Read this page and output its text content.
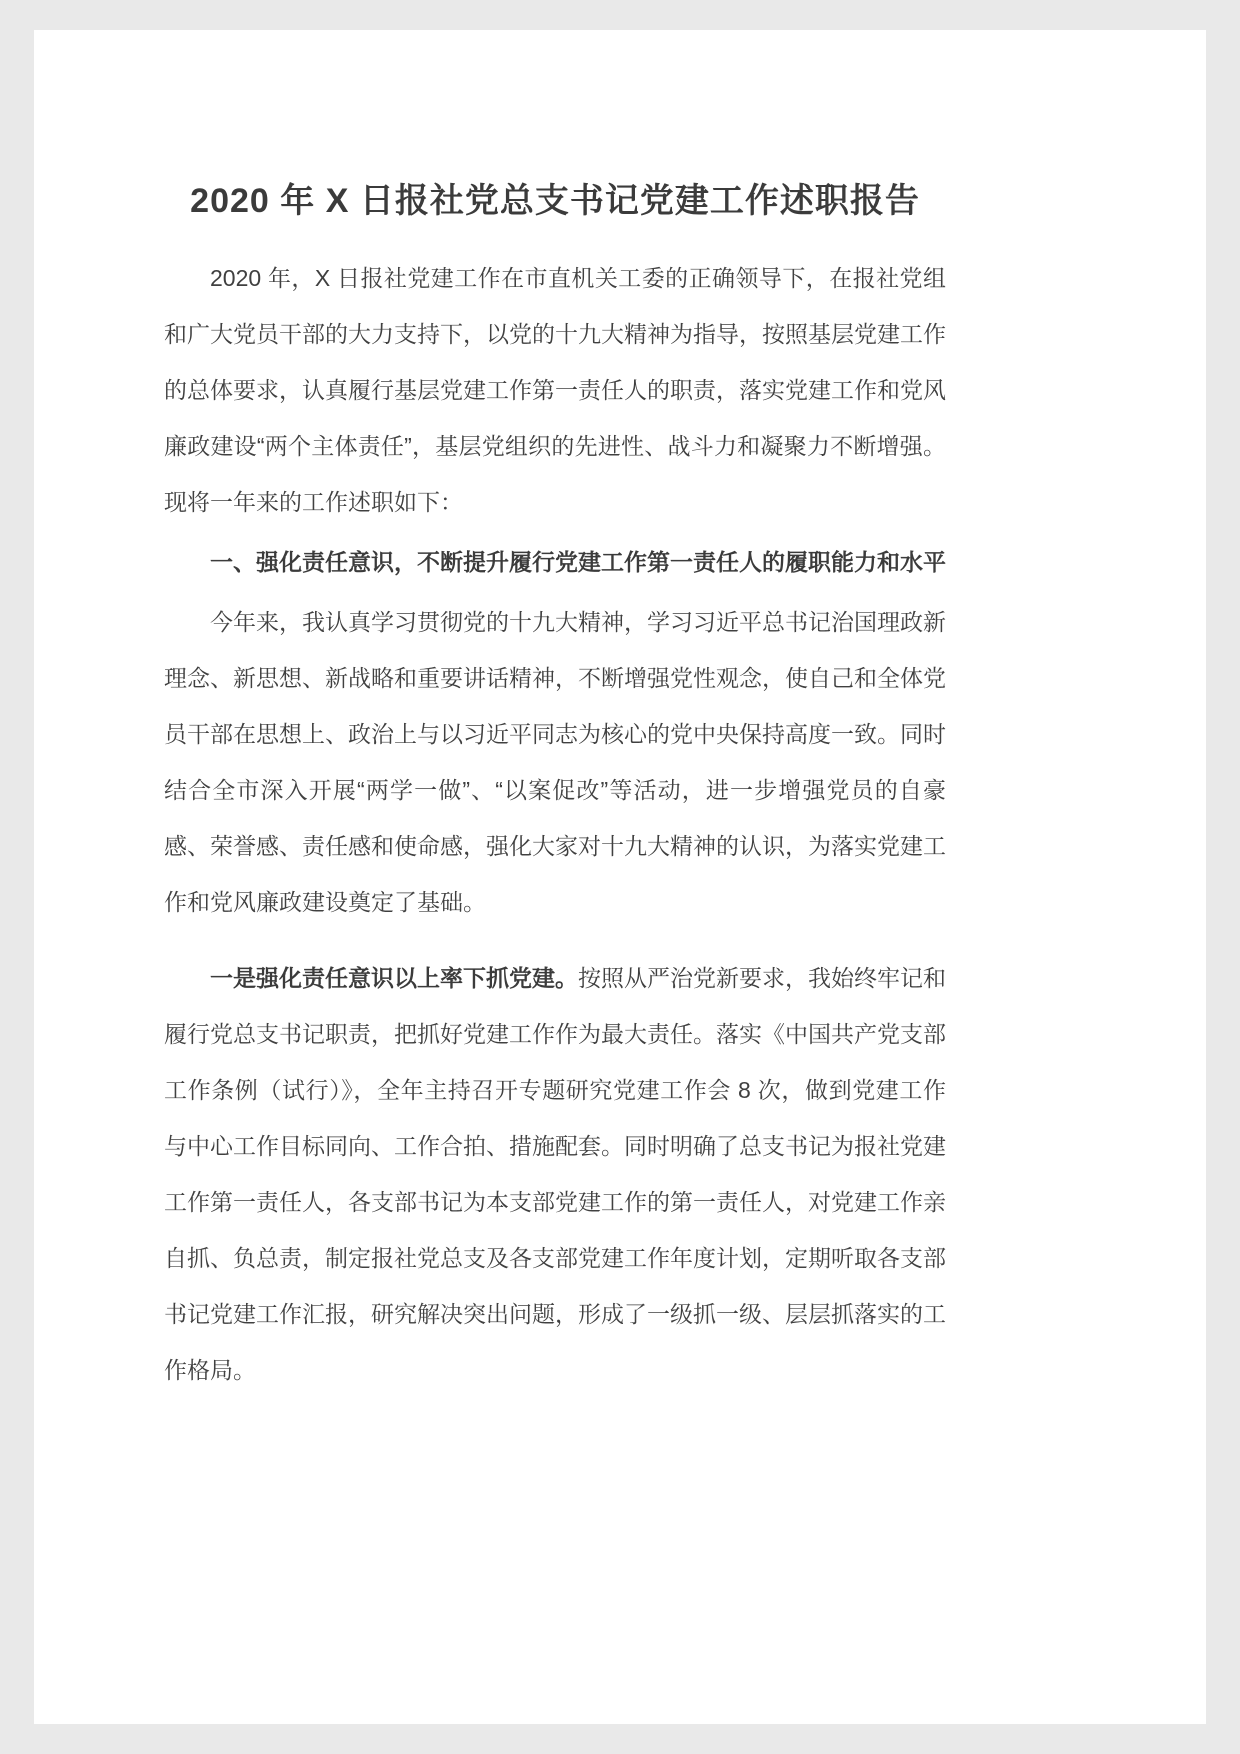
2020 年 X 日报社党总支书记党建工作述职报告

2020 年，X 日报社党建工作在市直机关工委的正确领导下，在报社党组和广大党员干部的大力支持下，以党的十九大精神为指导，按照基层党建工作的总体要求，认真履行基层党建工作第一责任人的职责，落实党建工作和党风廉政建设“两个主体责任”，基层党组织的先进性、战斗力和凝聚力不断增强。现将一年来的工作述职如下：

一、强化责任意识，不断提升履行党建工作第一责任人的履职能力和水平

今年来，我认真学习贯彻党的十九大精神，学习习近平总书记治国理政新理念、新思想、新战略和重要讲话精神，不断增强党性观念，使自己和全体党员干部在思想上、政治上与以习近平同志为核心的党中央保持高度一致。同时结合全市深入开展“两学一做”、“以案促改”等活动，进一步增强党员的自豪感、荣誉感、责任感和使命感，强化大家对十九大精神的认识，为落实党建工作和党风廉政建设奠定了基础。

一是强化责任意识以上率下抓党建。按照从严治党新要求，我始终牢记和履行党总支书记职责，把抓好党建工作作为最大责任。落实《中国共产党支部工作条例（试行）》，全年主持召开专题研究党建工作会 8 次，做到党建工作与中心工作目标同向、工作合拍、措施配套。同时明确了总支书记为报社党建工作第一责任人，各支部书记为本支部党建工作的第一责任人，对党建工作亲自抓、负总责，制定报社党总支及各支部党建工作年度计划，定期听取各支部书记党建工作汇报，研究解决突出问题，形成了一级抓一级、层层抓落实的工作格局。
